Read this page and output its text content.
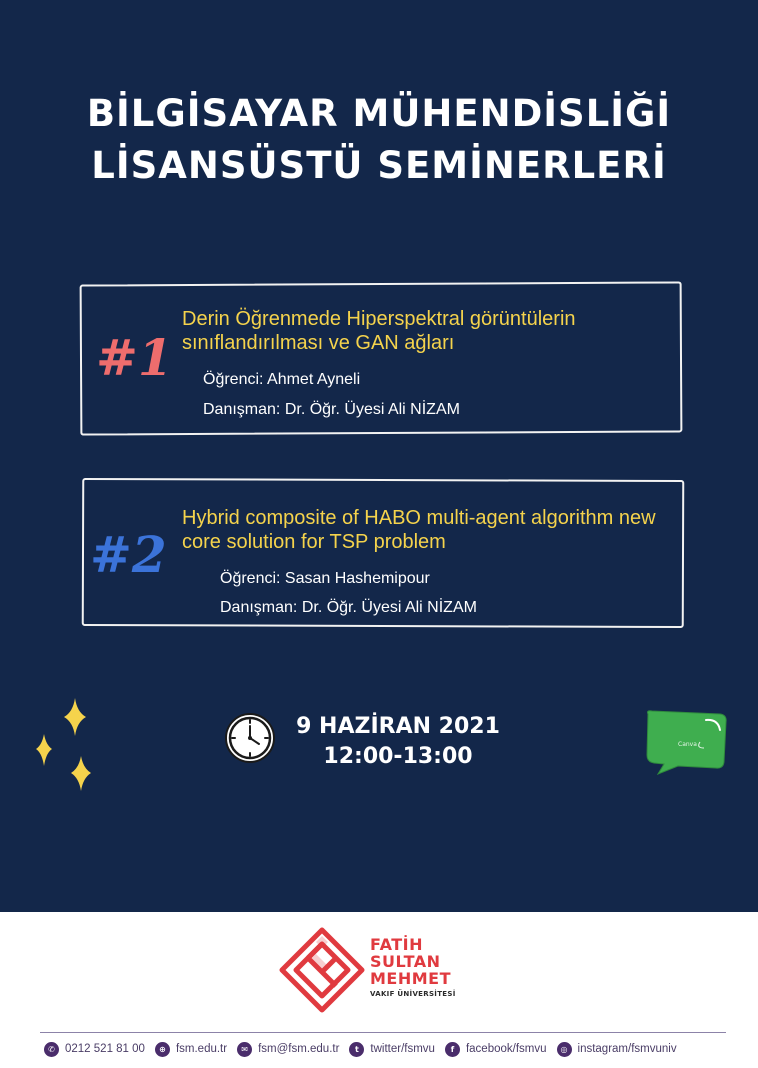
BİLGİSAYAR MÜHENDİSLİĞİ
LİSANSÜSTÜ SEMİNERLERİ
#1
Derin Öğrenmede Hiperspektral görüntülerin sınıflandırılması ve GAN ağları
Öğrenci: Ahmet Ayneli
Danışman: Dr. Öğr. Üyesi Ali NİZAM
#2
Hybrid composite of HABO multi-agent algorithm new core solution for TSP problem
Öğrenci: Sasan Hashemipour
Danışman: Dr. Öğr. Üyesi Ali NİZAM
9 HAZİRAN 2021
12:00-13:00	Canva
FATİH
SULTAN
MEHMET
VAKIF ÜNİVERSİTESİ
✆ 0212 521 81 00	⊕ fsm.edu.tr	✉ fsm@fsm.edu.tr	t	twitter/fsmvu	f	facebook/fsmvu	◎ instagram/fsmvuniv
